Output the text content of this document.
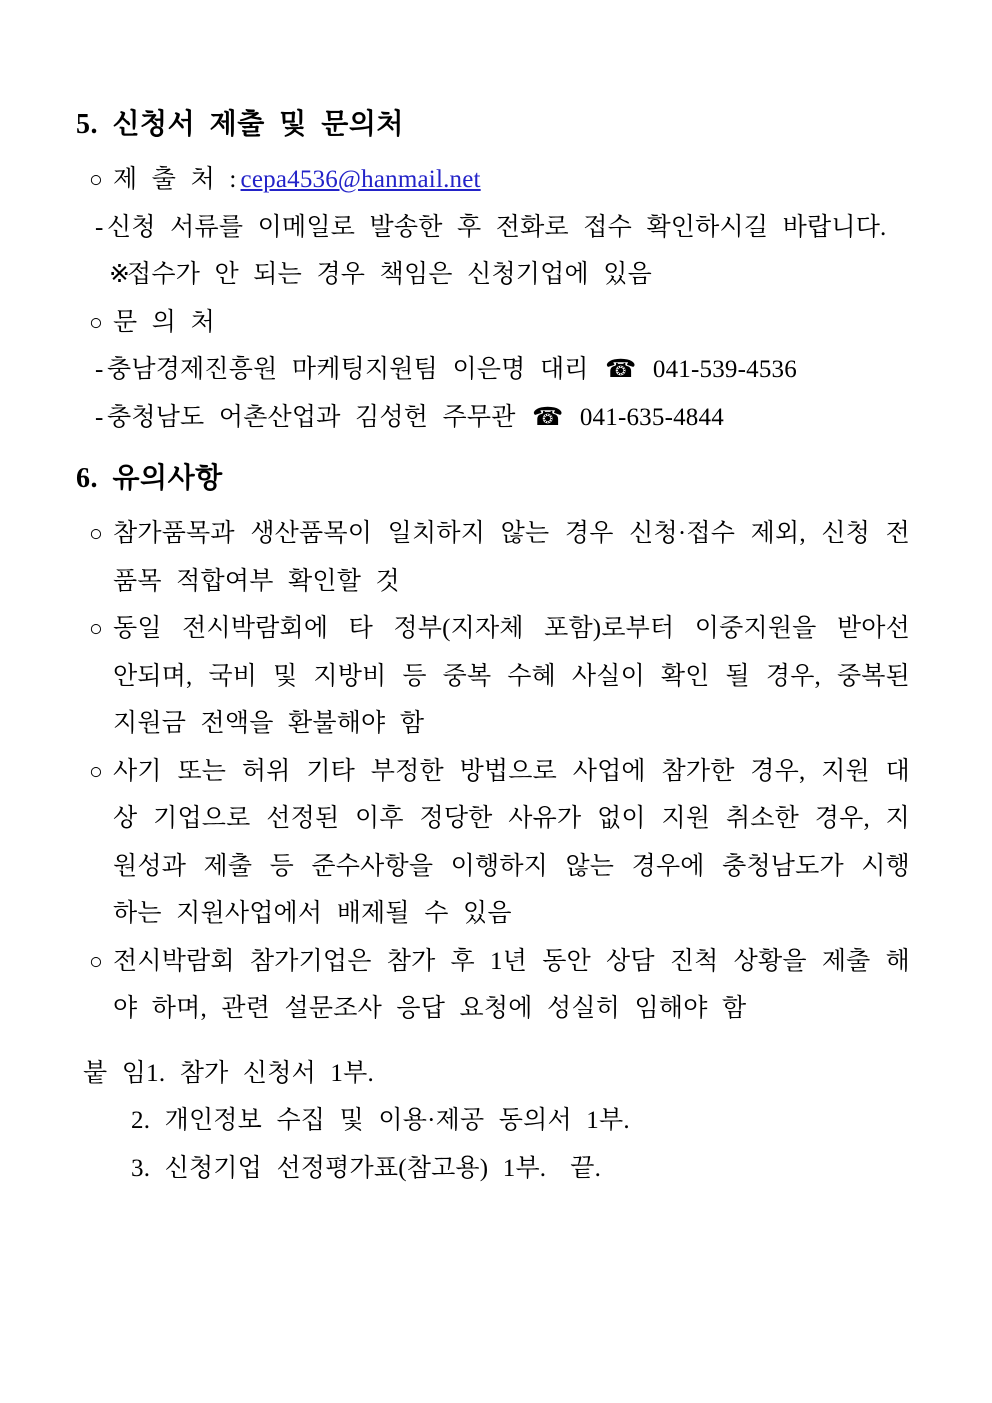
5. 신청서 제출 및 문의처

○ 제 출 처 : cepa4536@hanmail.net

- 신청 서류를 이메일로 발송한 후 전화로 접수 확인하시길 바랍니다.

※
접수가 안 되는 경우 책임은 신청기업에 있음

○ 문 의 처

- 충남경제진흥원 마케팅지원팀 이은명 대리 ☎ 041-539-4536

- 충청남도 어촌산업과 김성헌 주무관 ☎ 041-635-4844

6. 유의사항

○ 참가품목과 생산품목이 일치하지 않는 경우 신청·접수 제외, 신청 전 품목 적합여부 확인할 것

○ 동일 전시박람회에 타 정부(지자체 포함)로부터 이중지원을 받아선 안되며, 국비 및 지방비 등 중복 수혜 사실이 확인 될 경우, 중복된 지원금 전액을 환불해야 함

○ 사기 또는 허위 기타 부정한 방법으로 사업에 참가한 경우, 지원 대상 기업으로 선정된 이후 정당한 사유가 없이 지원 취소한 경우, 지원성과 제출 등 준수사항을 이행하지 않는 경우에 충청남도가 시행하는 지원사업에서 배제될 수 있음

○ 전시박람회 참가기업은 참가 후 1년 동안 상담 진척 상황을 제출 해야 하며, 관련 설문조사 응답 요청에 성실히 임해야 함

붙 임1. 참가 신청서 1부.

2. 개인정보 수집 및 이용·제공 동의서 1부.

3. 신청기업 선정평가표(참고용) 1부. 끝.
